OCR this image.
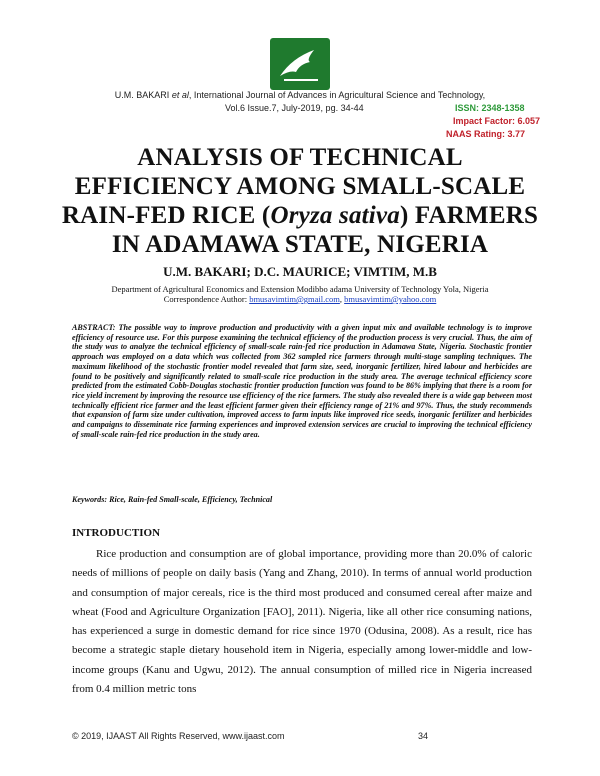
U.M. BAKARI et al, International Journal of Advances in Agricultural Science and Technology,
Vol.6 Issue.7, July-2019, pg. 34-44	ISSN: 2348-1358
Impact Factor: 6.057
NAAS Rating: 3.77
ANALYSIS OF TECHNICAL EFFICIENCY AMONG SMALL-SCALE RAIN-FED RICE (Oryza sativa) FARMERS IN ADAMAWA STATE, NIGERIA
U.M. BAKARI; D.C. MAURICE; VIMTIM, M.B
Department of Agricultural Economics and Extension Modibbo adama University of Technology Yola, Nigeria
Correspondence Author: bmusavimtim@gmail.com, bmusavimtim@yahoo.com
ABSTRACT: The possible way to improve production and productivity with a given input mix and available technology is to improve efficiency of resource use. For this purpose examining the technical efficiency of the production process is very crucial. Thus, the aim of the study was to analyze the technical efficiency of small-scale rain-fed rice production in Adamawa State, Nigeria. Stochastic frontier approach was employed on a data which was collected from 362 sampled rice farmers through multi-stage sampling techniques. The maximum likelihood of the stochastic frontier model revealed that farm size, seed, inorganic fertilizer, hired labour and herbicides are found to be positively and significantly related to small-scale rice production in the study area. The average technical efficiency score predicted from the estimated Cobb-Douglas stochastic frontier production function was found to be 86% implying that there is a room for rice yield increment by improving the resource use efficiency of the rice farmers. The study also revealed there is a wide gap between most technically efficient rice farmer and the least efficient farmer given their efficiency range of 21% and 97%. Thus, the study recommends that expansion of farm size under cultivation, improved access to farm inputs like improved rice seeds, inorganic fertilizer and herbicides and campaigns to disseminate rice farming experiences and improved extension services are crucial to improving the technical efficiency of small-scale rain-fed rice production in the study area.
Keywords: Rice, Rain-fed Small-scale, Efficiency, Technical
INTRODUCTION

Rice production and consumption are of global importance, providing more than 20.0% of caloric needs of millions of people on daily basis (Yang and Zhang, 2010). In terms of annual world production and consumption of major cereals, rice is the third most produced and consumed cereal after maize and wheat (Food and Agriculture Organization [FAO], 2011). Nigeria, like all other rice consuming nations, has experienced a surge in domestic demand for rice since 1970 (Odusina, 2008). As a result, rice has become a strategic staple dietary household item in Nigeria, especially among lower-middle and low-income groups (Kanu and Ugwu, 2012). The annual consumption of milled rice in Nigeria increased from 0.4 million metric tons

© 2019, IJAAST All Rights Reserved, www.ijaast.com	34
